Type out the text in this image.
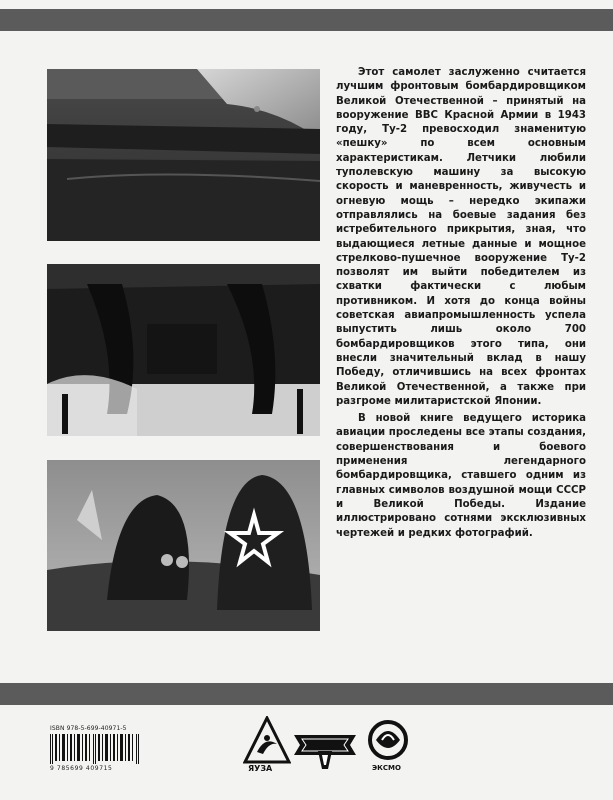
Этот самолет заслуженно считается лучшим фронтовым бомбардировщиком Великой Отечественной – принятый на вооружение ВВС Красной Армии в 1943 году, Ту-2 превосходил знаменитую «пешку» по всем основным характеристикам. Летчики любили туполевскую машину за высокую скорость и маневренность, живучесть и огневую мощь – нередко экипажи отправлялись на боевые задания без истребительного прикрытия, зная, что выдающиеся летные данные и мощное стрелково-пушечное вооружение Ту-2 позволят им выйти победителем из схватки фактически с любым противником. И хотя до конца войны советская авиапромышленность успела выпустить лишь около 700 бомбардировщиков этого типа, они внесли значительный вклад в нашу Победу, отличившись на всех фронтах Великой Отечественной, а также при разгроме милитаристской Японии.

В новой книге ведущего историка авиации проследены все этапы создания, совершенствования и боевого применения легендарного бомбардировщика, ставшего одним из главных символов воздушной мощи СССР и Великой Победы. Издание иллюстрировано сотнями эксклюзивных чертежей и редких фотографий.

ISBN 978-5-699-40971-5
9 785699 409715	ЯУЗА	ЭКСМО
